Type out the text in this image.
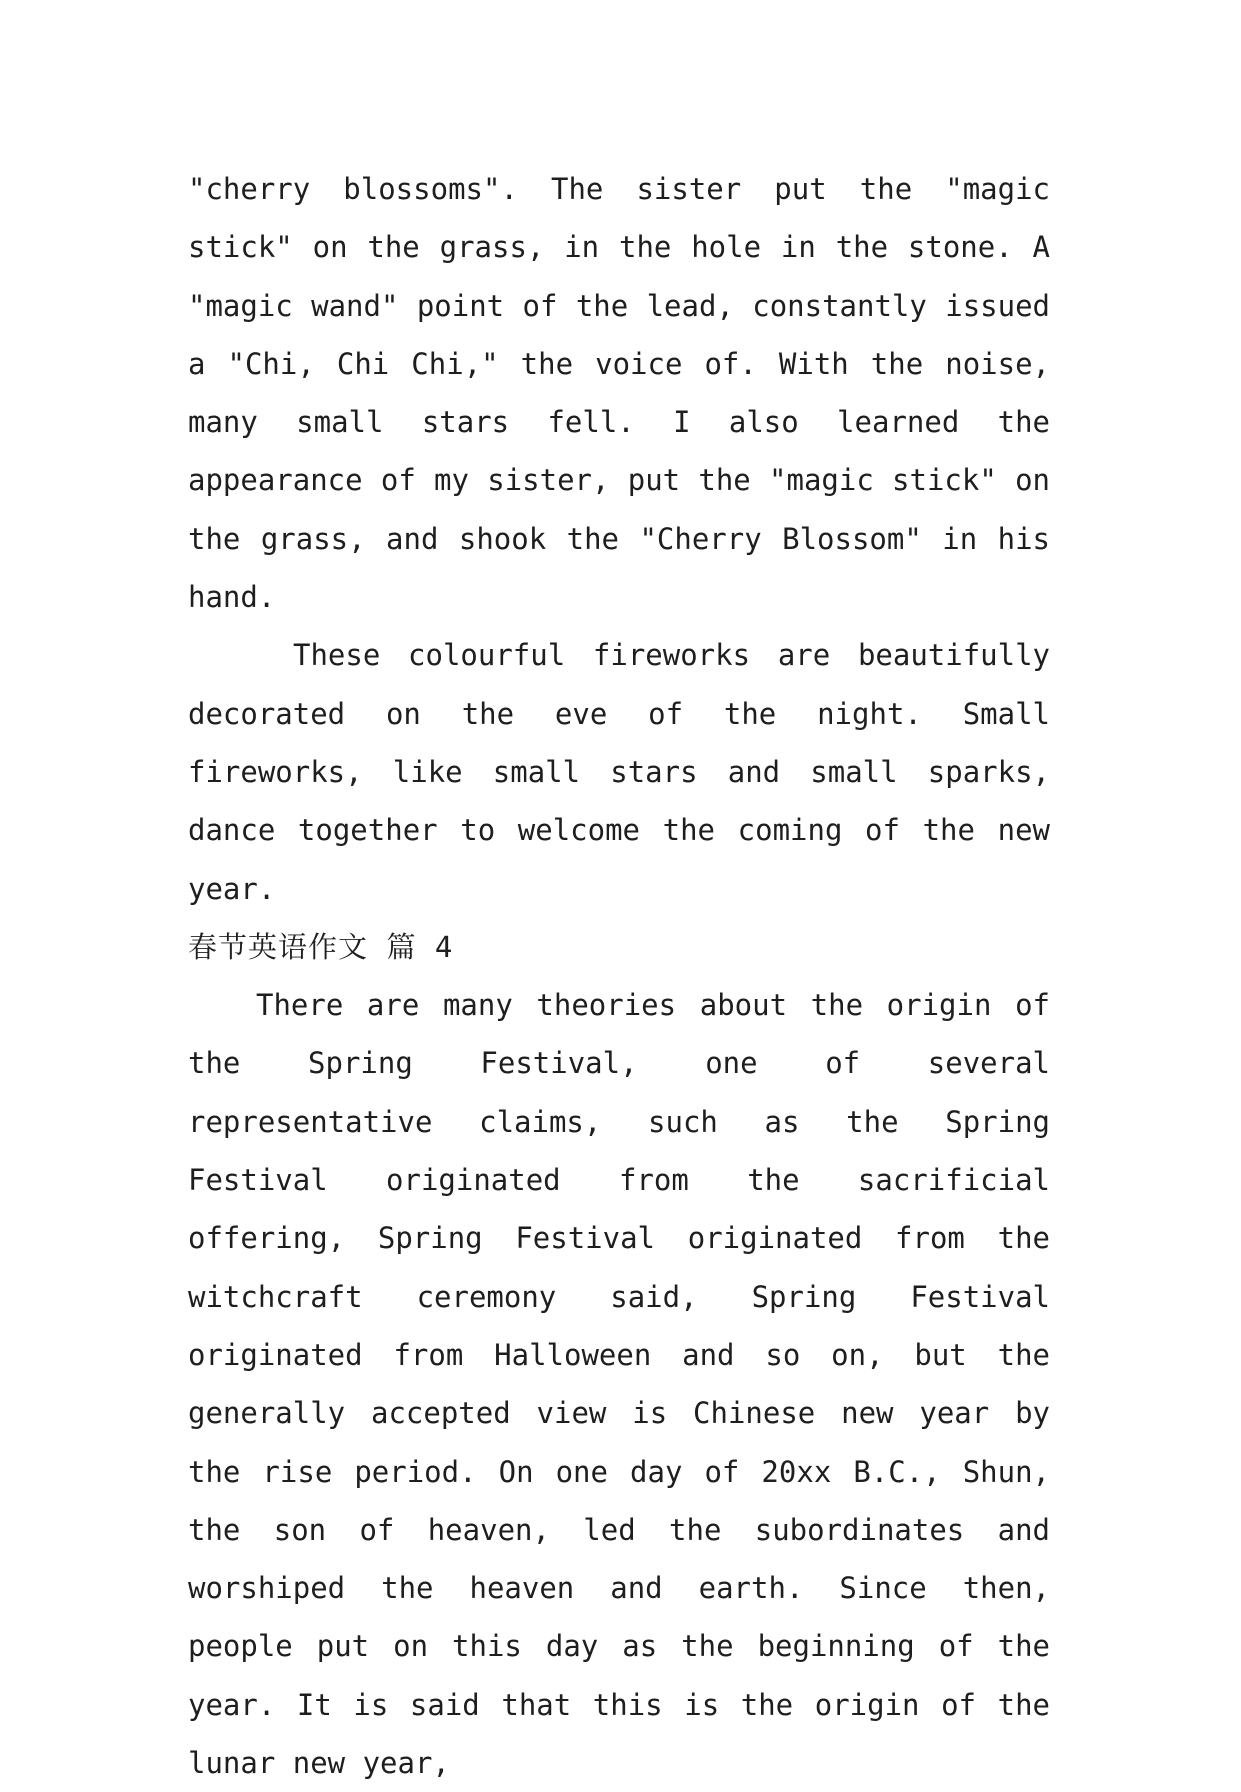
"cherry blossoms". The sister put the "magic stick" on the grass, in the hole in the stone. A "magic wand" point of the lead, constantly issued a "Chi, Chi Chi," the voice of. With the noise, many small stars fell. I also learned the appearance of my sister, put the "magic stick" on the grass, and shook the "Cherry Blossom" in his hand.

These colourful fireworks are beautifully decorated on the eve of the night. Small fireworks, like small stars and small sparks, dance together to welcome the coming of the new year.

春节英语作文 篇 4

There are many theories about the origin of the Spring Festival, one of several representative claims, such as the Spring Festival originated from the sacrificial offering, Spring Festival originated from the witchcraft ceremony said, Spring Festival originated from Halloween and so on, but the generally accepted view is Chinese new year by the rise period. On one day of 20xx B.C., Shun, the son of heaven, led the subordinates and worshiped the heaven and earth. Since then, people put on this day as the beginning of the year. It is said that this is the origin of the lunar new year,
